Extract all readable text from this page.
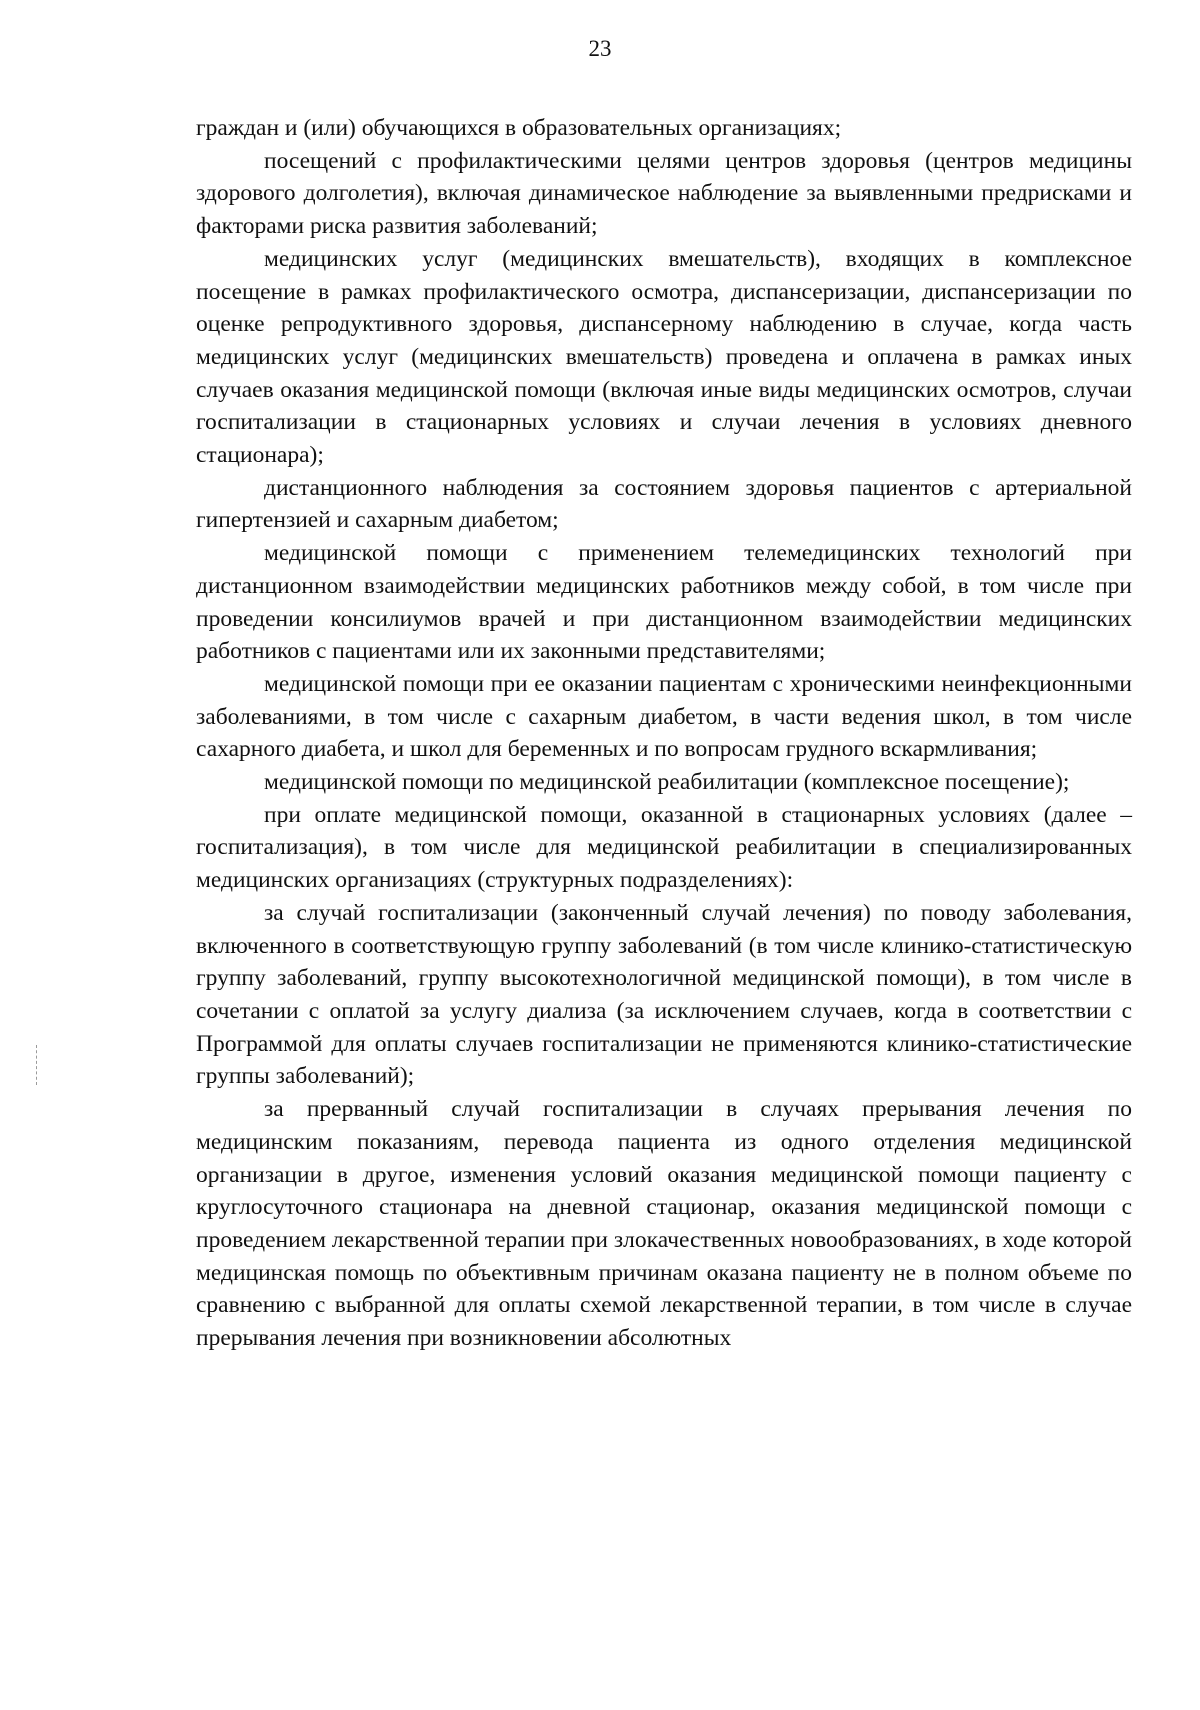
23

граждан и (или) обучающихся в образовательных организациях;

посещений с профилактическими целями центров здоровья (центров медицины здорового долголетия), включая динамическое наблюдение за выявленными предрисками и факторами риска развития заболеваний;

медицинских услуг (медицинских вмешательств), входящих в комплексное посещение в рамках профилактического осмотра, диспансеризации, диспансеризации по оценке репродуктивного здоровья, диспансерному наблюдению в случае, когда часть медицинских услуг (медицинских вмешательств) проведена и оплачена в рамках иных случаев оказания медицинской помощи (включая иные виды медицинских осмотров, случаи госпитализации в стационарных условиях и случаи лечения в условиях дневного стационара);

дистанционного наблюдения за состоянием здоровья пациентов с артериальной гипертензией и сахарным диабетом;

медицинской помощи с применением телемедицинских технологий при дистанционном взаимодействии медицинских работников между собой, в том числе при проведении консилиумов врачей и при дистанционном взаимодействии медицинских работников с пациентами или их законными представителями;

медицинской помощи при ее оказании пациентам с хроническими неинфекционными заболеваниями, в том числе с сахарным диабетом, в части ведения школ, в том числе сахарного диабета, и школ для беременных и по вопросам грудного вскармливания;

медицинской помощи по медицинской реабилитации (комплексное посещение);

при оплате медицинской помощи, оказанной в стационарных условиях (далее – госпитализация), в том числе для медицинской реабилитации в специализированных медицинских организациях (структурных подразделениях):

за случай госпитализации (законченный случай лечения) по поводу заболевания, включенного в соответствующую группу заболеваний (в том числе клинико-статистическую группу заболеваний, группу высокотехнологичной медицинской помощи), в том числе в сочетании с оплатой за услугу диализа (за исключением случаев, когда в соответствии с Программой для оплаты случаев госпитализации не применяются клинико-статистические группы заболеваний);

за прерванный случай госпитализации в случаях прерывания лечения по медицинским показаниям, перевода пациента из одного отделения медицинской организации в другое, изменения условий оказания медицинской помощи пациенту с круглосуточного стационара на дневной стационар, оказания медицинской помощи с проведением лекарственной терапии при злокачественных новообразованиях, в ходе которой медицинская помощь по объективным причинам оказана пациенту не в полном объеме по сравнению с выбранной для оплаты схемой лекарственной терапии, в том числе в случае прерывания лечения при возникновении абсолютных
